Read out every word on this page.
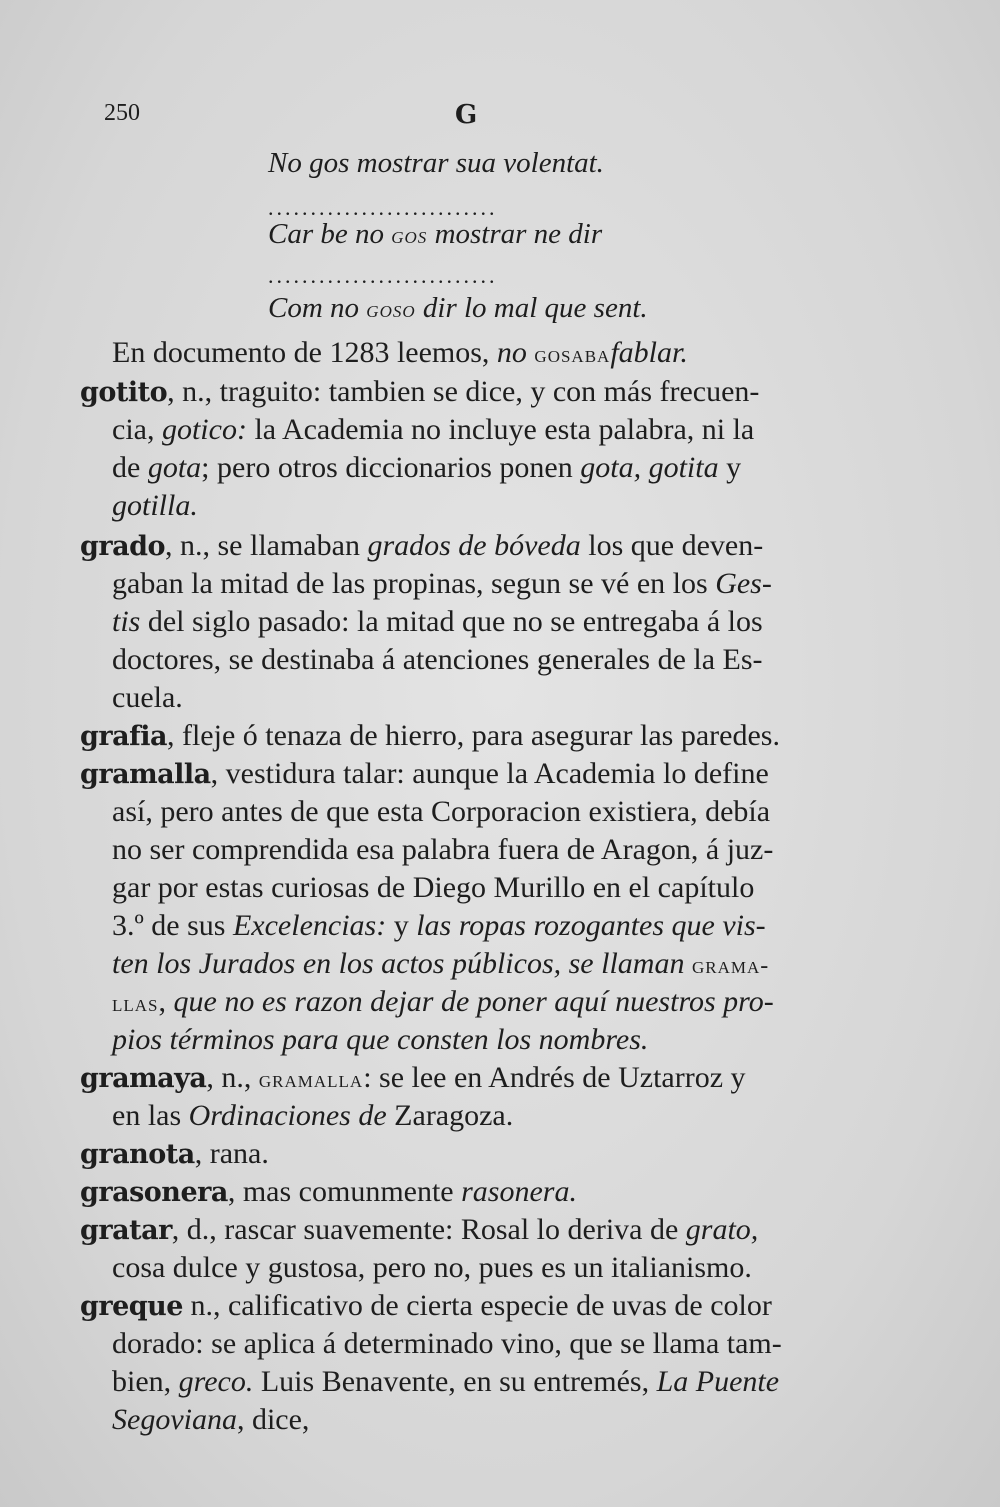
250	G
No gos mostrar sua volentat.
...........................
Car be no gos mostrar ne dir
...........................
Com no goso dir lo mal que sent.
En documento de 1283 leemos, no gosabafablar.
gotito, n., traguito: tambien se dice, y con más frecuen-
cia, gotico: la Academia no incluye esta palabra, ni la
de gota; pero otros diccionarios ponen gota, gotita y
gotilla.
grado, n., se llamaban grados de bóveda los que deven-
gaban la mitad de las propinas, segun se vé en los Ges-
tis del siglo pasado: la mitad que no se entregaba á los
doctores, se destinaba á atenciones generales de la Es-
cuela.
grafia, fleje ó tenaza de hierro, para asegurar las paredes.
gramalla, vestidura talar: aunque la Academia lo define
así, pero antes de que esta Corporacion existiera, debía
no ser comprendida esa palabra fuera de Aragon, á juz-
gar por estas curiosas de Diego Murillo en el capítulo
3.º de sus Excelencias: y las ropas rozogantes que vis-
ten los Jurados en los actos públicos, se llaman grama-
llas, que no es razon dejar de poner aquí nuestros pro-
pios términos para que consten los nombres.
gramaya, n., gramalla: se lee en Andrés de Uztarroz y
en las Ordinaciones de Zaragoza.
granota, rana.
grasonera, mas comunmente rasonera.
gratar, d., rascar suavemente: Rosal lo deriva de grato,
cosa dulce y gustosa, pero no, pues es un italianismo.
greque n., calificativo de cierta especie de uvas de color
dorado: se aplica á determinado vino, que se llama tam-
bien, greco. Luis Benavente, en su entremés, La Puente
Segoviana, dice,
